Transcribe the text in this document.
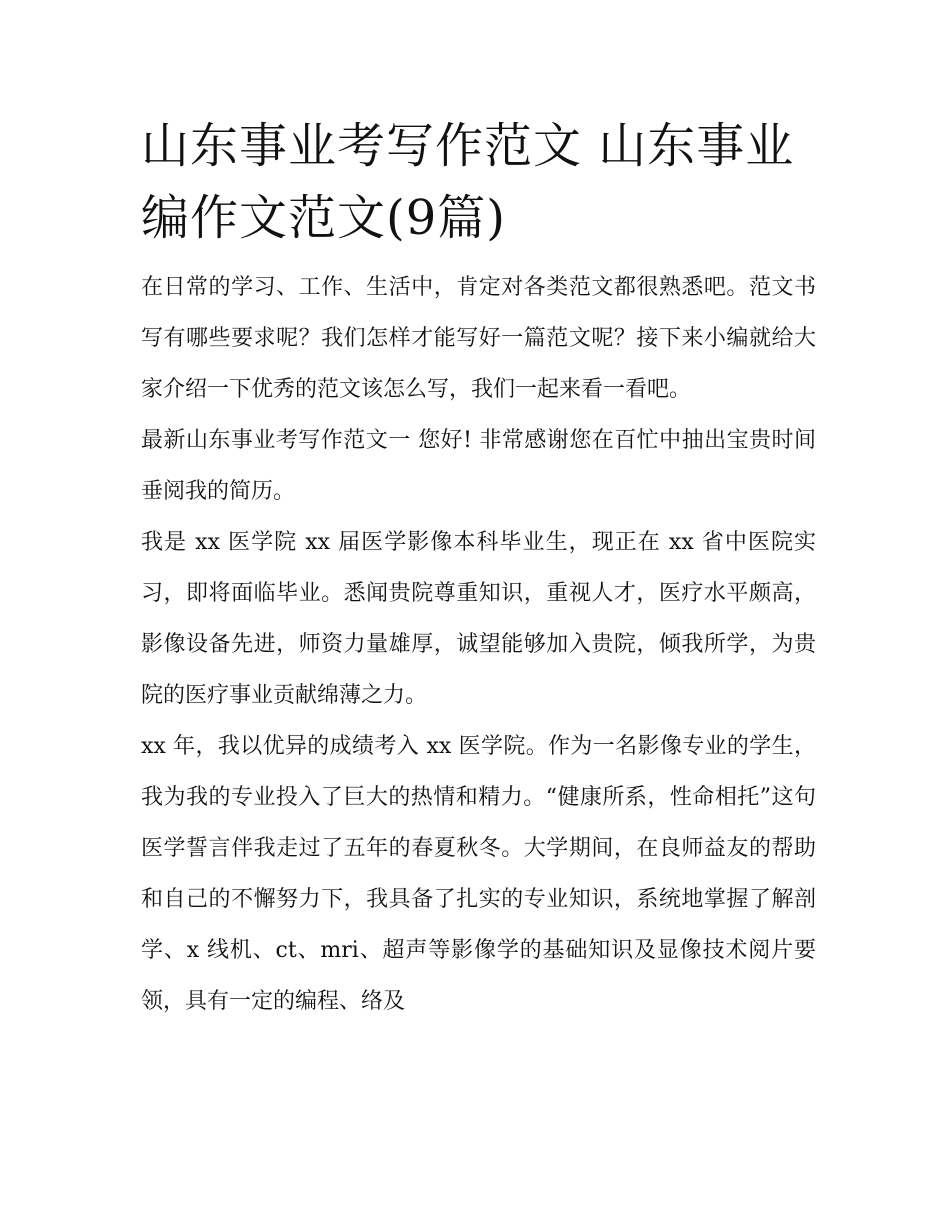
山东事业考写作范文 山东事业编作文范文(9篇)

在日常的学习、工作、生活中，肯定对各类范文都很熟悉吧。范文书写有哪些要求呢？我们怎样才能写好一篇范文呢？接下来小编就给大家介绍一下优秀的范文该怎么写，我们一起来看一看吧。

最新山东事业考写作范文一 您好! 非常感谢您在百忙中抽出宝贵时间垂阅我的简历。

我是 xx 医学院 xx 届医学影像本科毕业生，现正在 xx 省中医院实习，即将面临毕业。悉闻贵院尊重知识，重视人才，医疗水平颇高，影像设备先进，师资力量雄厚，诚望能够加入贵院，倾我所学，为贵院的医疗事业贡献绵薄之力。

xx 年，我以优异的成绩考入 xx 医学院。作为一名影像专业的学生，我为我的专业投入了巨大的热情和精力。“健康所系，性命相托”这句医学誓言伴我走过了五年的春夏秋冬。大学期间，在良师益友的帮助和自己的不懈努力下，我具备了扎实的专业知识，系统地掌握了解剖学、x 线机、ct、mri、超声等影像学的基础知识及显像技术阅片要领，具有一定的编程、络及
